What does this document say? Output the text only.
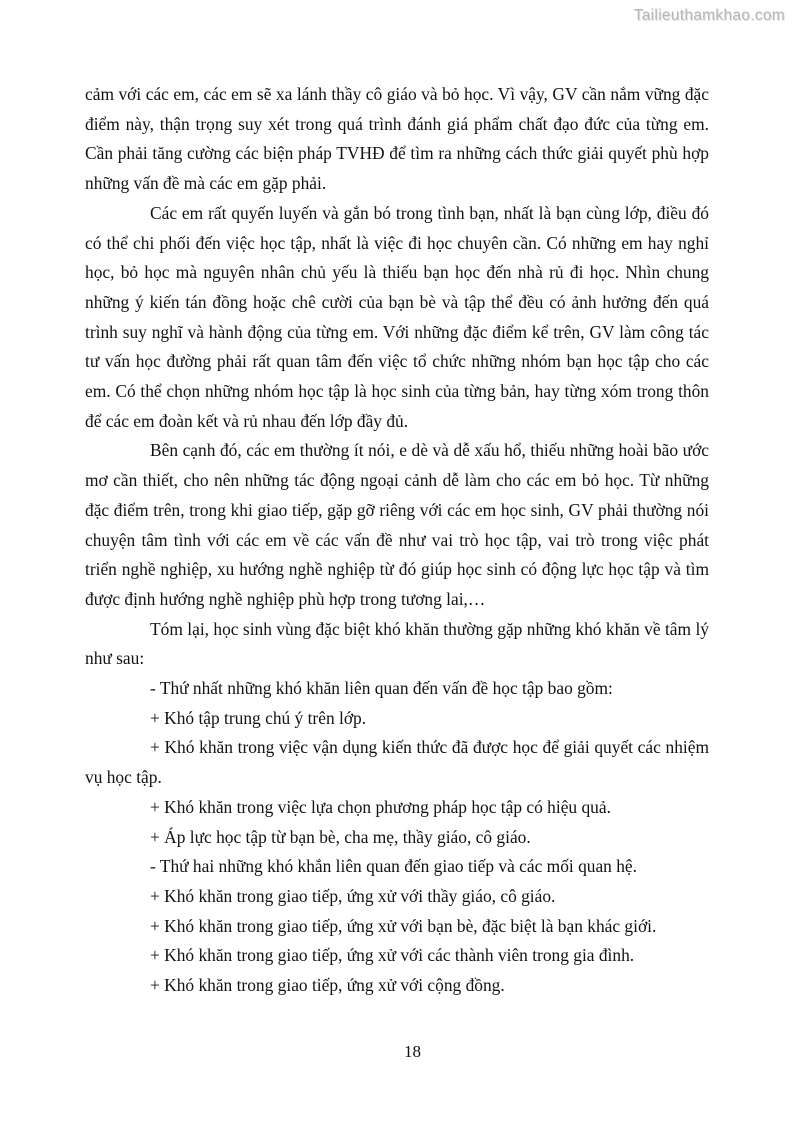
Tailieuthamkhao.com

cảm với các em, các em sẽ xa lánh thầy cô giáo và bỏ học. Vì vậy, GV cần nắm vững đặc điểm này, thận trọng suy xét trong quá trình đánh giá phẩm chất đạo đức của từng em. Cần phải tăng cường các biện pháp TVHĐ để tìm ra những cách thức giải quyết phù hợp những vấn đề mà các em gặp phải.

Các em rất quyến luyến và gắn bó trong tình bạn, nhất là bạn cùng lớp, điều đó có thể chi phối đến việc học tập, nhất là việc đi học chuyên cần. Có những em hay nghỉ học, bỏ học mà nguyên nhân chủ yếu là thiếu bạn học đến nhà rủ đi học. Nhìn chung những ý kiến tán đồng hoặc chê cười của bạn bè và tập thể đều có ảnh hưởng đến quá trình suy nghĩ và hành động của từng em. Với những đặc điểm kể trên, GV làm công tác tư vấn học đường phải rất quan tâm đến việc tổ chức những nhóm bạn học tập cho các em. Có thể chọn những nhóm học tập là học sinh của từng bản, hay từng xóm trong thôn để các em đoàn kết và rủ nhau đến lớp đầy đủ.

Bên cạnh đó, các em thường ít nói, e dè và dễ xấu hổ, thiếu những hoài bão ước mơ cần thiết, cho nên những tác động ngoại cảnh dễ làm cho các em bỏ học. Từ những đặc điểm trên, trong khi giao tiếp, gặp gỡ riêng với các em học sinh, GV phải thường nói chuyện tâm tình với các em về các vấn đề như vai trò học tập, vai trò trong việc phát triển nghề nghiệp, xu hướng nghề nghiệp từ đó giúp học sinh có động lực học tập và tìm được định hướng nghề nghiệp phù hợp trong tương lai,…

Tóm lại, học sinh vùng đặc biệt khó khăn thường gặp những khó khăn về tâm lý như sau:

- Thứ nhất những khó khăn liên quan đến vấn đề học tập bao gồm:

+ Khó tập trung chú ý trên lớp.

+ Khó khăn trong việc vận dụng kiến thức đã được học để giải quyết các nhiệm vụ học tập.

+ Khó khăn trong việc lựa chọn phương pháp học tập có hiệu quả.

+ Áp lực học tập từ bạn bè, cha mẹ, thầy giáo, cô giáo.

- Thứ hai những khó khắn liên quan đến giao tiếp và các mối quan hệ.

+ Khó khăn trong giao tiếp, ứng xử với thầy giáo, cô giáo.

+ Khó khăn trong giao tiếp, ứng xử với bạn bè, đặc biệt là bạn khác giới.

+ Khó khăn trong giao tiếp, ứng xử với các thành viên trong gia đình.

+ Khó khăn trong giao tiếp, ứng xử với cộng đồng.

18
